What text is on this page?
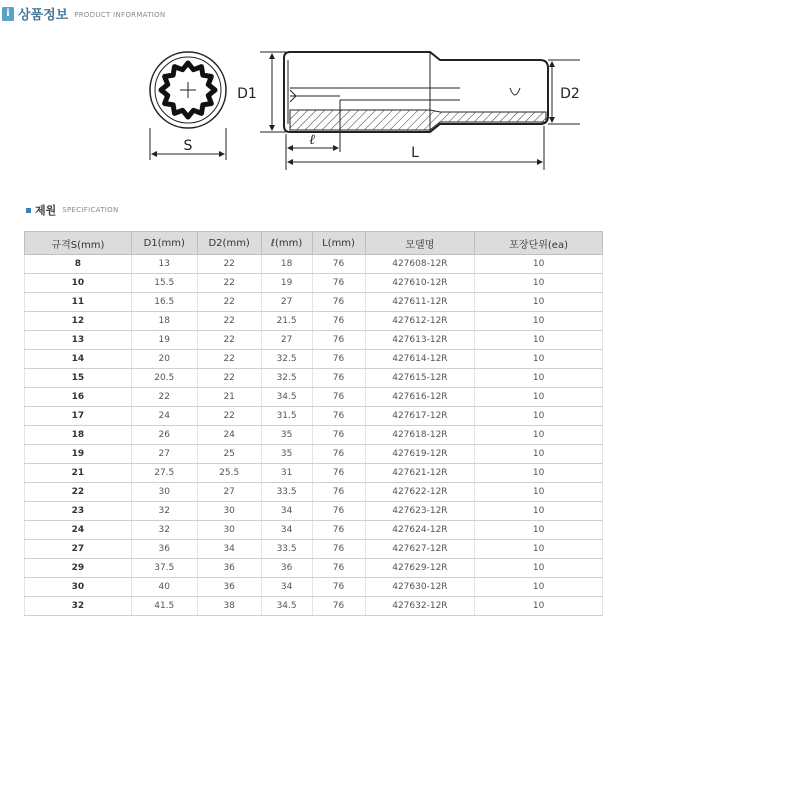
i 상품정보 PRODUCT INFORMATION
S
D1	D2
ℓ
L
제원 SPECIFICATION
규격S(mm)	D1(mm)	D2(mm)	ℓ(mm)	L(mm)	모델명	포장단위(ea)
8	13	22	18	76	427608-12R	10
10	15.5	22	19	76	427610-12R	10
11	16.5	22	27	76	427611-12R	10
12	18	22	21.5	76	427612-12R	10
13	19	22	27	76	427613-12R	10
14	20	22	32.5	76	427614-12R	10
15	20.5	22	32.5	76	427615-12R	10
16	22	21	34.5	76	427616-12R	10
17	24	22	31.5	76	427617-12R	10
18	26	24	35	76	427618-12R	10
19	27	25	35	76	427619-12R	10
21	27.5	25.5	31	76	427621-12R	10
22	30	27	33.5	76	427622-12R	10
23	32	30	34	76	427623-12R	10
24	32	30	34	76	427624-12R	10
27	36	34	33.5	76	427627-12R	10
29	37.5	36	36	76	427629-12R	10
30	40	36	34	76	427630-12R	10
32	41.5	38	34.5	76	427632-12R	10
